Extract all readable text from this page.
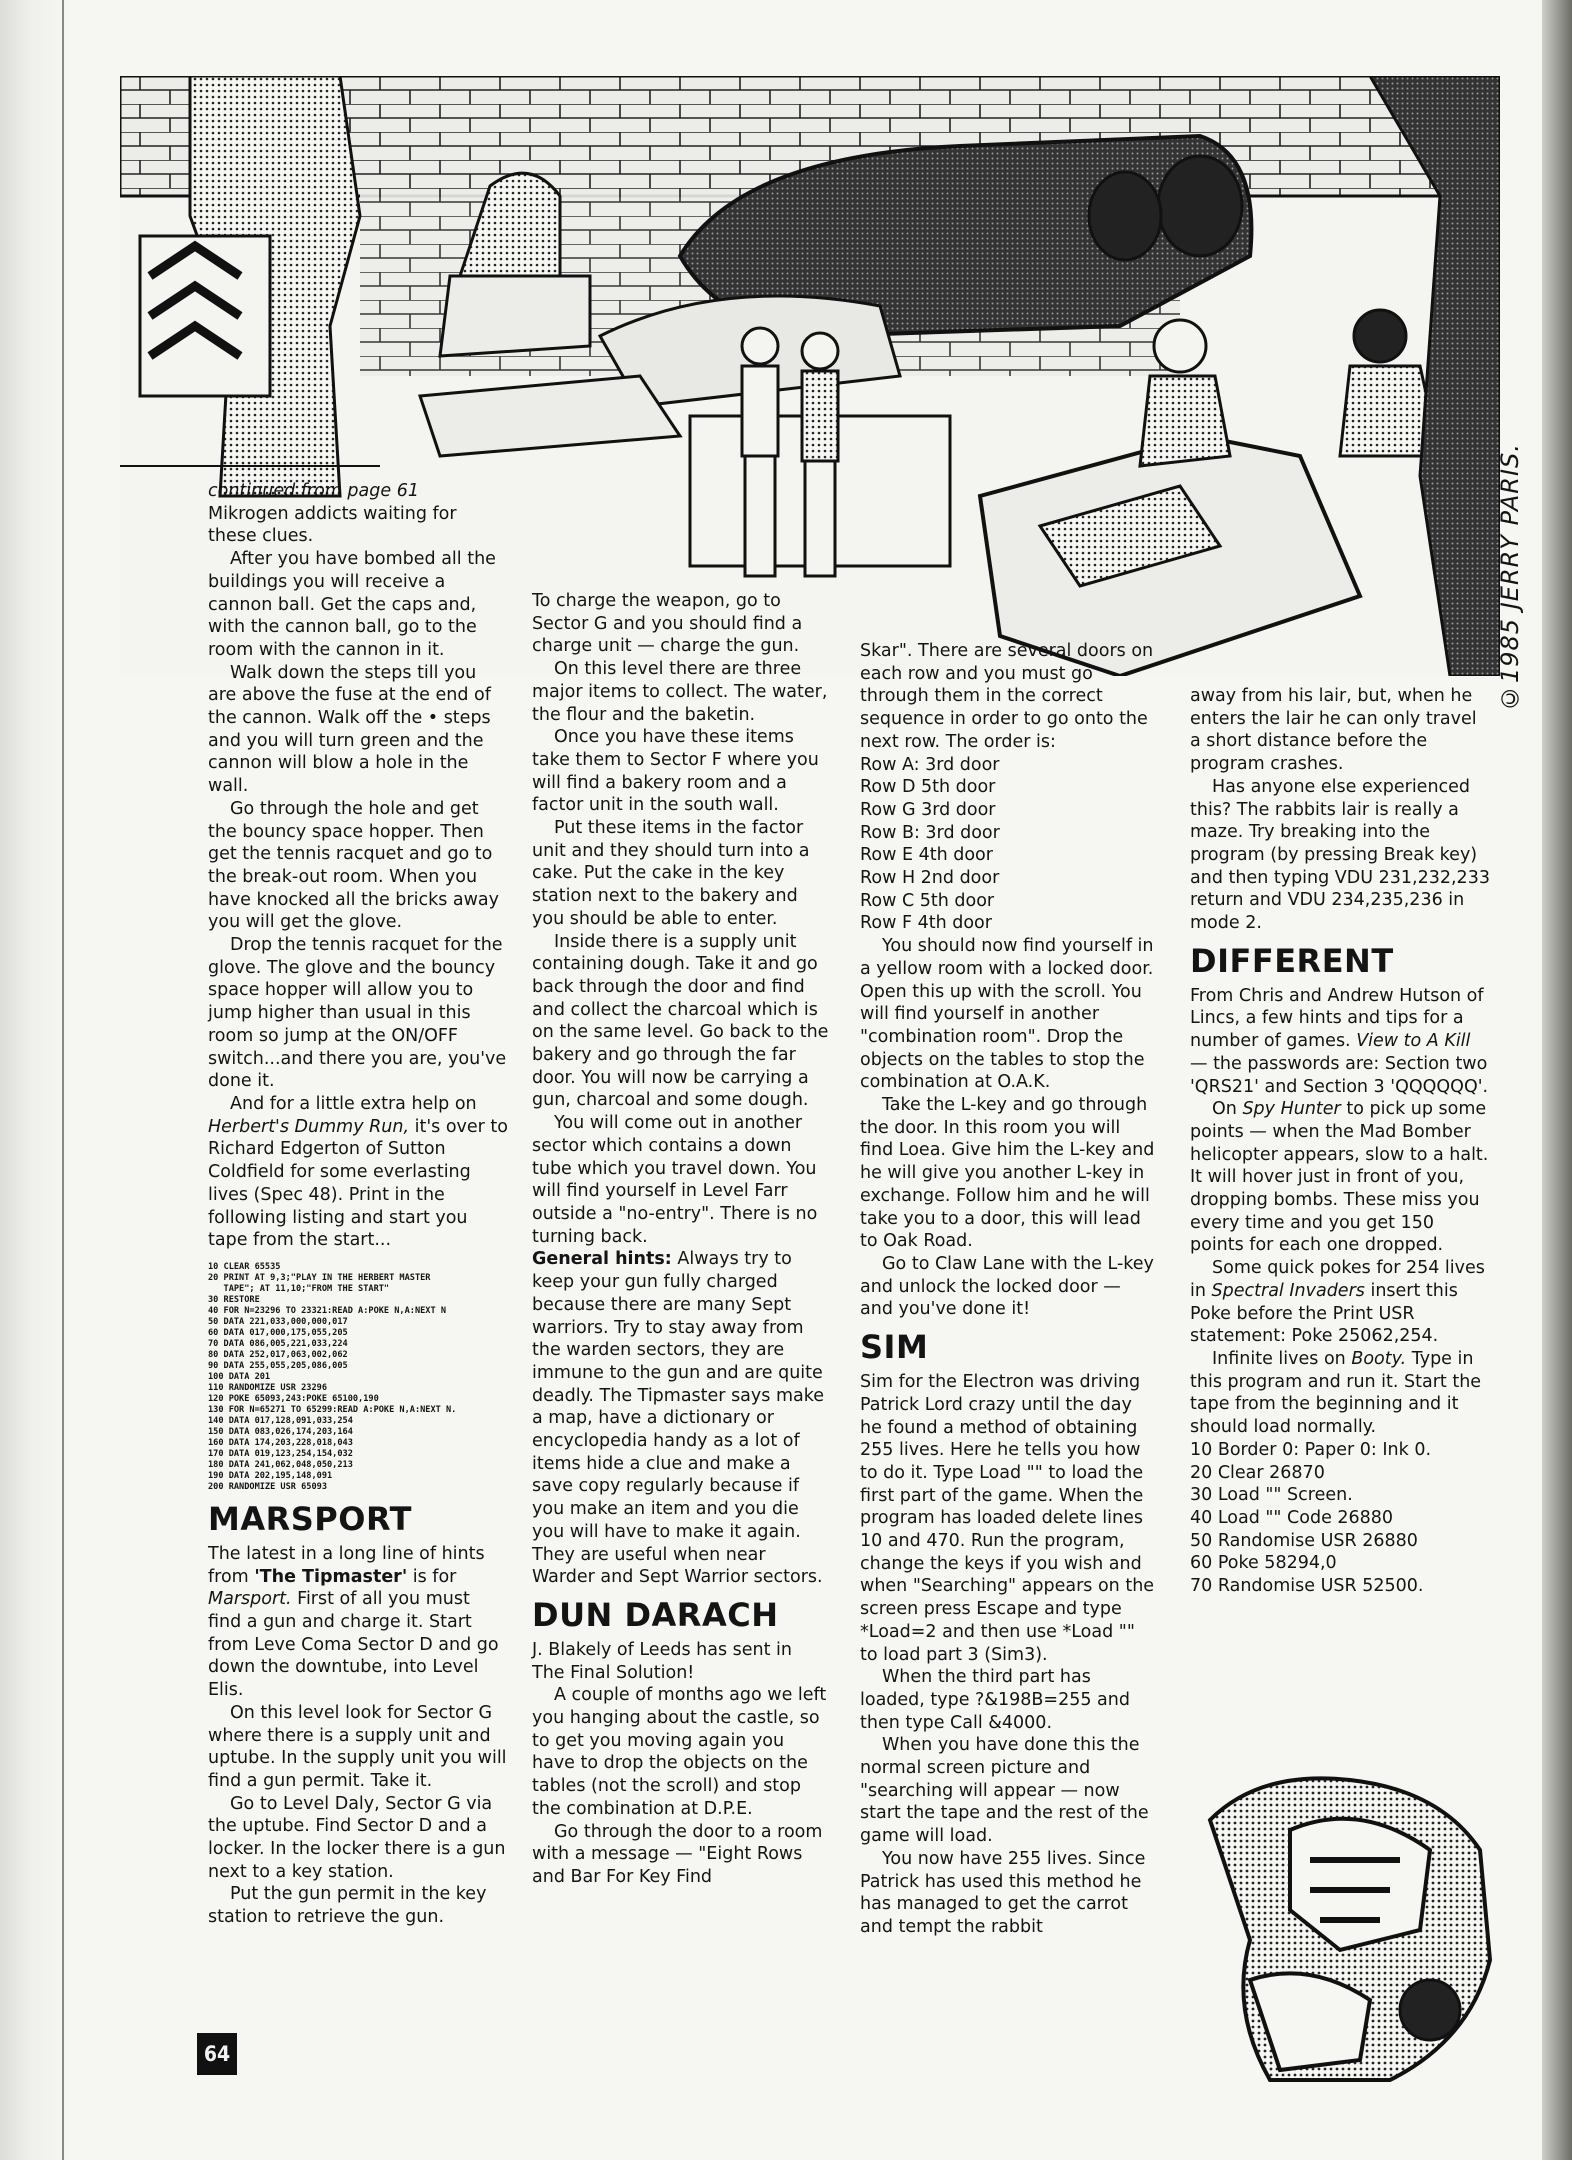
©1985 JERRY PARIS.

continued from page 61

Mikrogen addicts waiting for these clues.

After you have bombed all the buildings you will receive a cannon ball. Get the caps and, with the cannon ball, go to the room with the cannon in it.

Walk down the steps till you are above the fuse at the end of the cannon. Walk off the • steps and you will turn green and the cannon will blow a hole in the wall.

Go through the hole and get the bouncy space hopper. Then get the tennis racquet and go to the break-out room. When you have knocked all the bricks away you will get the glove.

Drop the tennis racquet for the glove. The glove and the bouncy space hopper will allow you to jump higher than usual in this room so jump at the ON/OFF switch...and there you are, you've done it.

And for a little extra help on Herbert's Dummy Run, it's over to Richard Edgerton of Sutton Coldfield for some everlasting lives (Spec 48). Print in the following listing and start you tape from the start...

10 CLEAR 65535
20 PRINT AT 9,3;"PLAY IN THE HERBERT MASTER
TAPE"; AT 11,10;"FROM THE START"
30 RESTORE
40 FOR N=23296 TO 23321:READ A:POKE N,A:NEXT N
50 DATA 221,033,000,000,017
60 DATA 017,000,175,055,205
70 DATA 086,005,221,033,224
80 DATA 252,017,063,002,062
90 DATA 255,055,205,086,005
100 DATA 201
110 RANDOMIZE USR 23296
120 POKE 65093,243:POKE 65100,190
130 FOR N=65271 TO 65299:READ A:POKE N,A:NEXT N.
140 DATA 017,128,091,033,254
150 DATA 083,026,174,203,164
160 DATA 174,203,228,018,043
170 DATA 019,123,254,154,032
180 DATA 241,062,048,050,213
190 DATA 202,195,148,091
200 RANDOMIZE USR 65093
MARSPORT

The latest in a long line of hints from 'The Tipmaster' is for Marsport. First of all you must find a gun and charge it. Start from Leve Coma Sector D and go down the downtube, into Level Elis.

On this level look for Sector G where there is a supply unit and uptube. In the supply unit you will find a gun permit. Take it.

Go to Level Daly, Sector G via the uptube. Find Sector D and a locker. In the locker there is a gun next to a key station.

Put the gun permit in the key station to retrieve the gun.

To charge the weapon, go to Sector G and you should find a charge unit — charge the gun.

On this level there are three major items to collect. The water, the flour and the baketin.

Once you have these items take them to Sector F where you will find a bakery room and a factor unit in the south wall.

Put these items in the factor unit and they should turn into a cake. Put the cake in the key station next to the bakery and you should be able to enter.

Inside there is a supply unit containing dough. Take it and go back through the door and find and collect the charcoal which is on the same level. Go back to the bakery and go through the far door. You will now be carrying a gun, charcoal and some dough.

You will come out in another sector which contains a down tube which you travel down. You will find yourself in Level Farr outside a "no-entry". There is no turning back.

General hints: Always try to keep your gun fully charged because there are many Sept warriors. Try to stay away from the warden sectors, they are immune to the gun and are quite deadly. The Tipmaster says make a map, have a dictionary or encyclopedia handy as a lot of items hide a clue and make a save copy regularly because if you make an item and you die you will have to make it again. They are useful when near Warder and Sept Warrior sectors.

DUN DARACH

J. Blakely of Leeds has sent in The Final Solution!

A couple of months ago we left you hanging about the castle, so to get you moving again you have to drop the objects on the tables (not the scroll) and stop the combination at D.P.E.

Go through the door to a room with a message — "Eight Rows and Bar For Key Find

Skar". There are several doors on each row and you must go through them in the correct sequence in order to go onto the next row. The order is:

Row A: 3rd door

Row D 5th door

Row G 3rd door

Row B: 3rd door

Row E 4th door

Row H 2nd door

Row C 5th door

Row F 4th door

You should now find yourself in a yellow room with a locked door. Open this up with the scroll. You will find yourself in another "combination room". Drop the objects on the tables to stop the combination at O.A.K.

Take the L-key and go through the door. In this room you will find Loea. Give him the L-key and he will give you another L-key in exchange. Follow him and he will take you to a door, this will lead to Oak Road.

Go to Claw Lane with the L-key and unlock the locked door — and you've done it!

SIM

Sim for the Electron was driving Patrick Lord crazy until the day he found a method of obtaining 255 lives. Here he tells you how to do it. Type Load "" to load the first part of the game. When the program has loaded delete lines 10 and 470. Run the program, change the keys if you wish and when "Searching" appears on the screen press Escape and type *Load=2 and then use *Load "" to load part 3 (Sim3).

When the third part has loaded, type ?&198B=255 and then type Call &4000.

When you have done this the normal screen picture and "searching will appear — now start the tape and the rest of the game will load.

You now have 255 lives. Since Patrick has used this method he has managed to get the carrot and tempt the rabbit

away from his lair, but, when he enters the lair he can only travel a short distance before the program crashes.

Has anyone else experienced this? The rabbits lair is really a maze. Try breaking into the program (by pressing Break key) and then typing VDU 231,232,233 return and VDU 234,235,236 in mode 2.

DIFFERENT

From Chris and Andrew Hutson of Lincs, a few hints and tips for a number of games. View to A Kill — the passwords are: Section two 'QRS21' and Section 3 'QQQQQQ'.

On Spy Hunter to pick up some points — when the Mad Bomber helicopter appears, slow to a halt. It will hover just in front of you, dropping bombs. These miss you every time and you get 150 points for each one dropped.

Some quick pokes for 254 lives in Spectral Invaders insert this Poke before the Print USR statement: Poke 25062,254.

Infinite lives on Booty. Type in this program and run it. Start the tape from the beginning and it should load normally.

10 Border 0: Paper 0: Ink 0.
20 Clear 26870
30 Load "" Screen.
40 Load "" Code 26880
50 Randomise USR 26880
60 Poke 58294,0
70 Randomise USR 52500.
64
